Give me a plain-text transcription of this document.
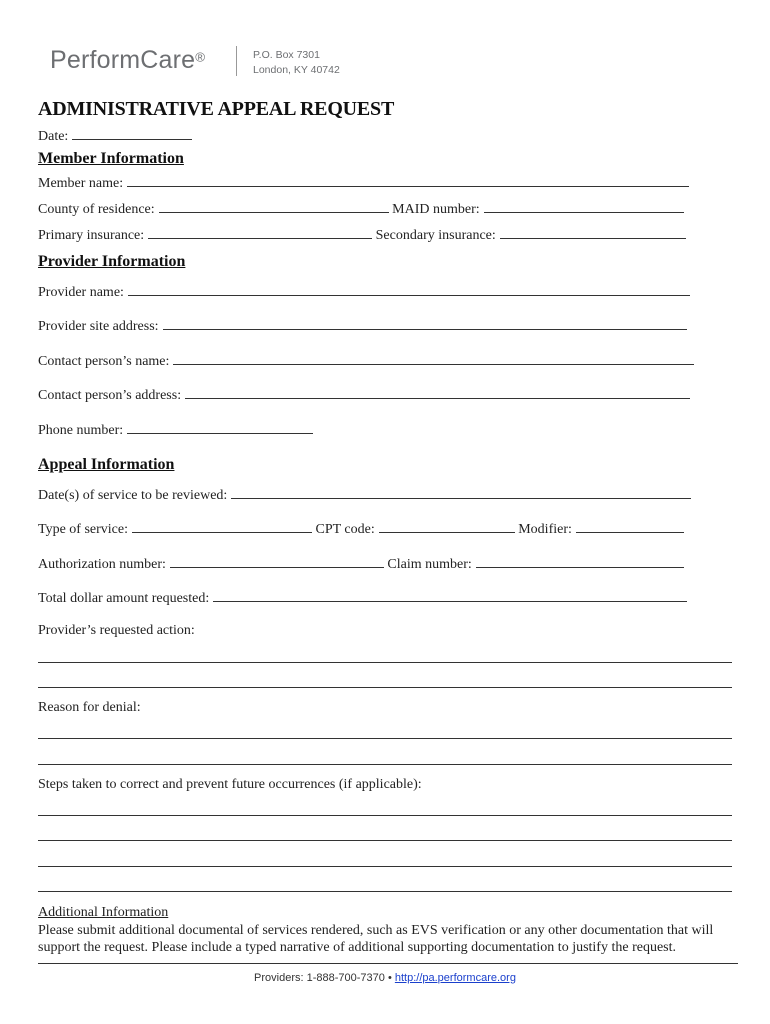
PerformCare®	P.O. Box 7301
London, KY 40742
ADMINISTRATIVE APPEAL REQUEST
Date:
Member Information
Member name:
County of residence:	MAID number:
Primary insurance:	Secondary insurance:
Provider Information
Provider name:
Provider site address:
Contact person’s name:
Contact person’s address:
Phone number:
Appeal Information
Date(s) of service to be reviewed:
Type of service:	CPT code:	Modifier:
Authorization number:	Claim number:
Total dollar amount requested:
Provider’s requested action:
Reason for denial:
Steps taken to correct and prevent future occurrences (if applicable):
Additional Information
Please submit additional documental of services rendered, such as EVS verification or any other documentation that will support the request. Please include a typed narrative of additional supporting documentation to justify the request.
Providers: 1-888-700-7370 • http://pa.performcare.org
